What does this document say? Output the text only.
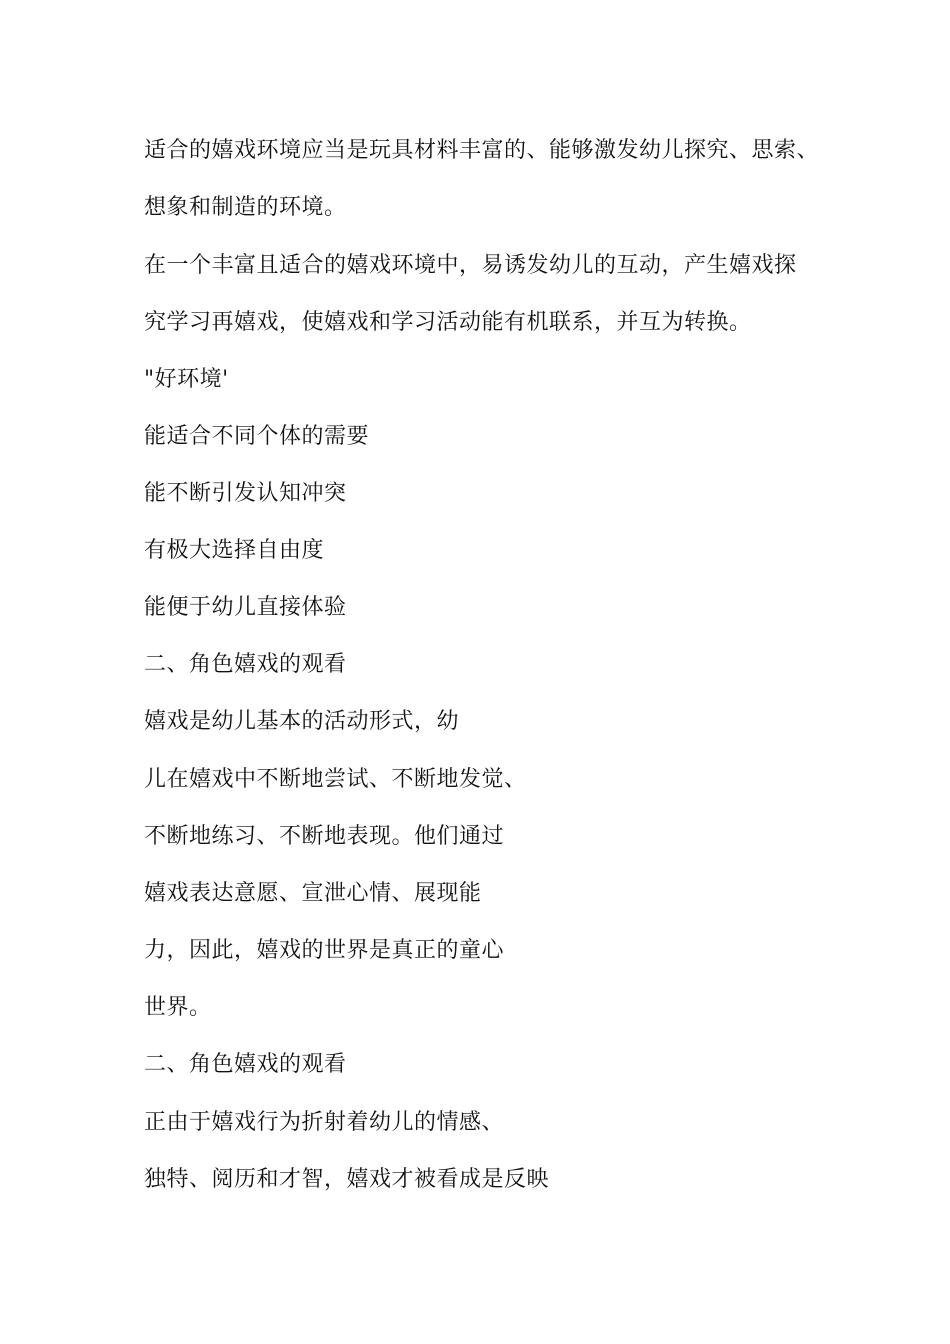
适合的嬉戏环境应当是玩具材料丰富的、能够激发幼儿探究、思索、
想象和制造的环境。
在一个丰富且适合的嬉戏环境中，易诱发幼儿的互动，产生嬉戏探
究学习再嬉戏，使嬉戏和学习活动能有机联系，并互为转换。
"好环境'
能适合不同个体的需要
能不断引发认知冲突
有极大选择自由度
能便于幼儿直接体验
二、角色嬉戏的观看
嬉戏是幼儿基本的活动形式，幼
儿在嬉戏中不断地尝试、不断地发觉、
不断地练习、不断地表现。他们通过
嬉戏表达意愿、宣泄心情、展现能
力，因此，嬉戏的世界是真正的童心
世界。
二、角色嬉戏的观看
正由于嬉戏行为折射着幼儿的情感、
独特、阅历和才智，嬉戏才被看成是反映
